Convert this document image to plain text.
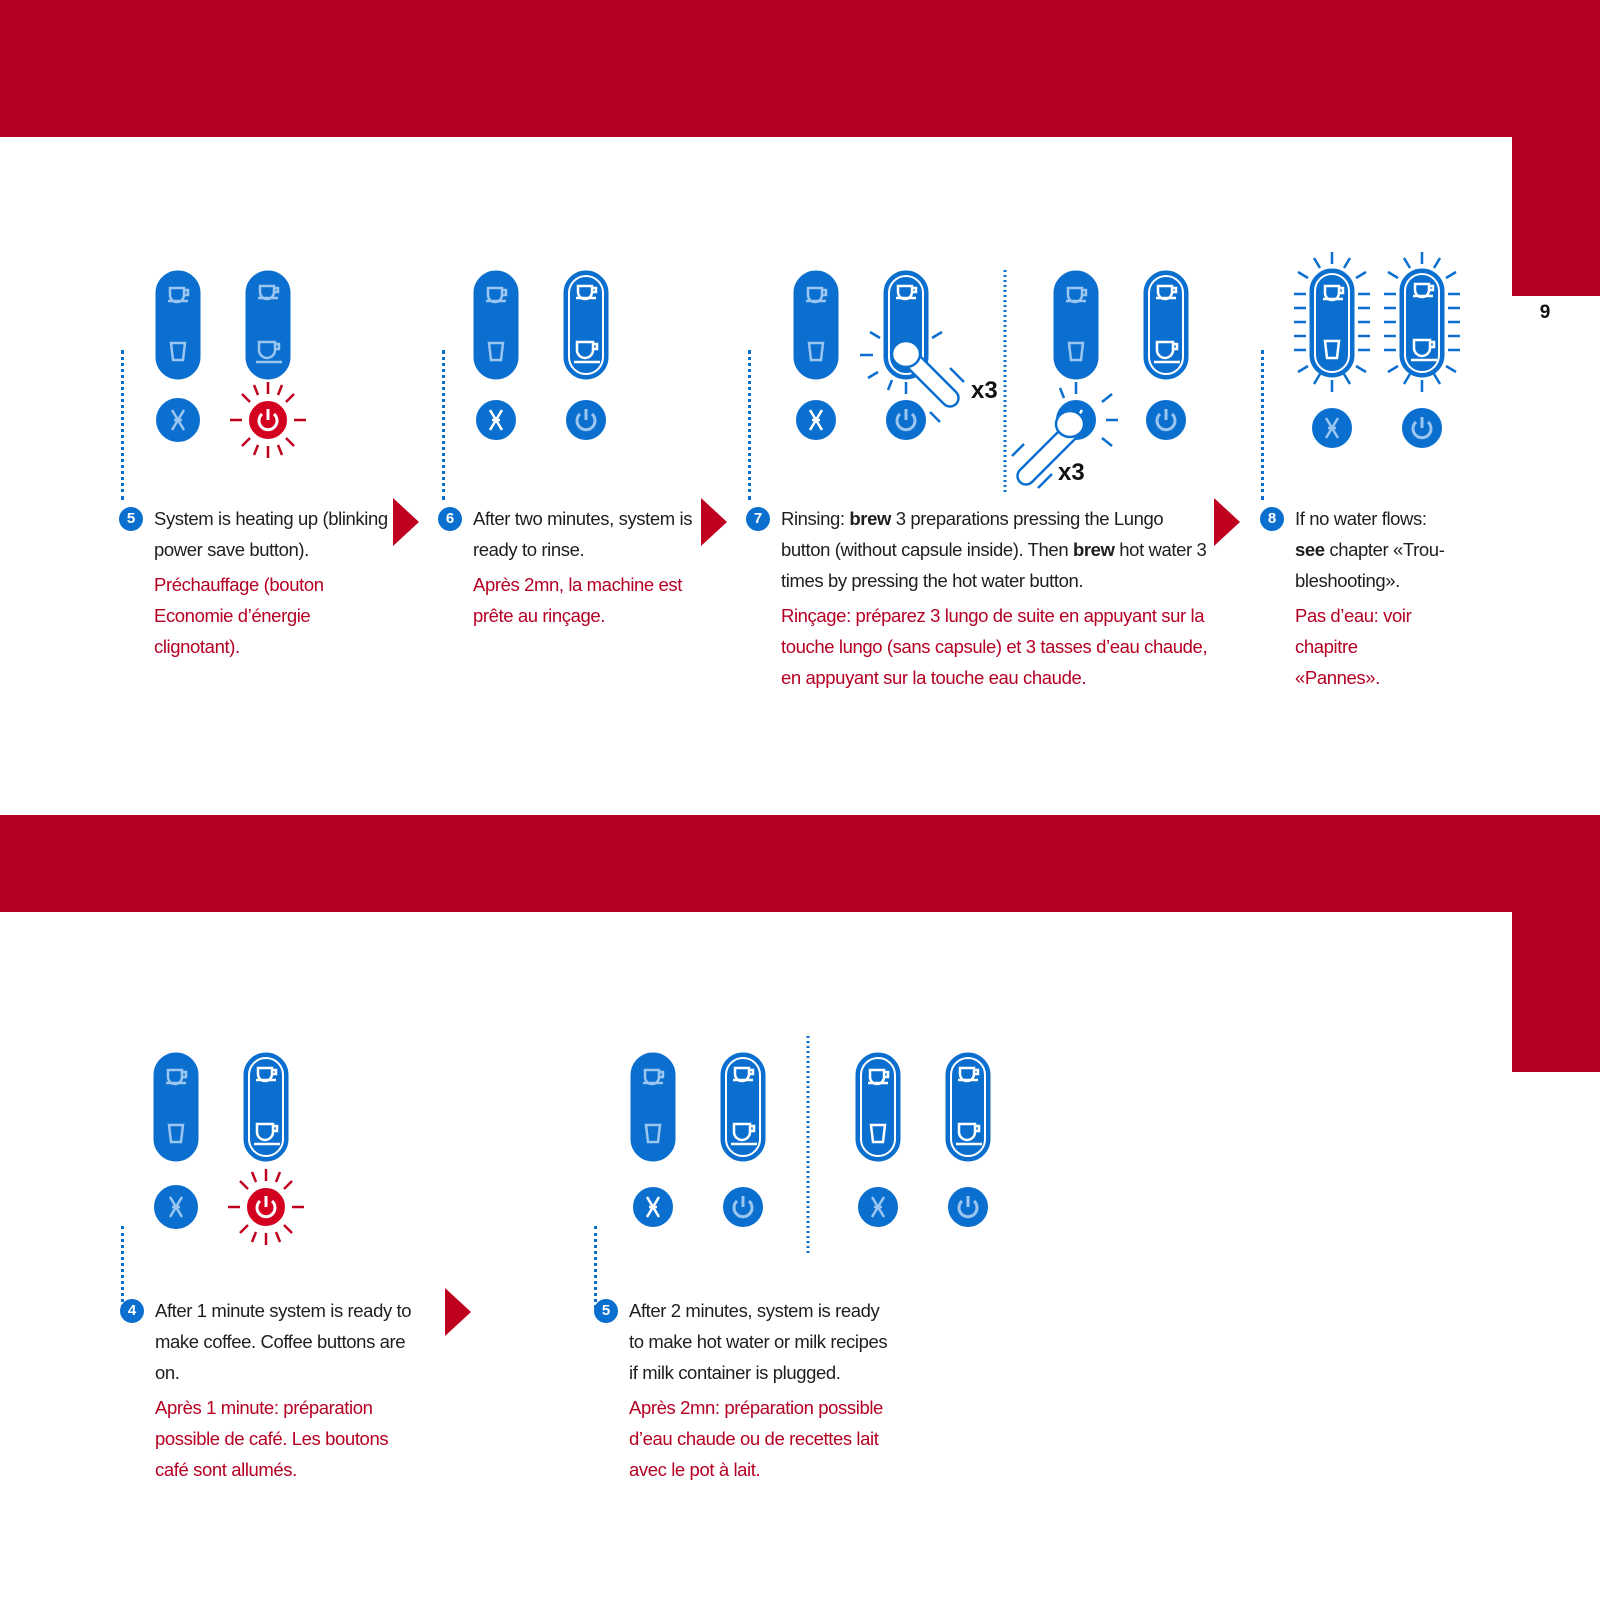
9
5	System is heating up (blinking power save button).

Préchauffage (bouton Economie d’énergie clignotant).

6	After two minutes, system is ready to rinse.

Après 2mn, la machine est prête au rinçage.

x3
x3
7	Rinsing: brew 3 preparations pressing the Lungo button (without capsule inside). Then brew hot water 3 times by pressing the hot water button.

Rinçage: préparez 3 lungo de suite en appuyant sur la touche lungo (sans capsule) et 3 tasses d’eau chaude, en appuyant sur la touche eau chaude.

8	If no water flows: see chapter «Trou-bleshooting».

Pas d’eau: voir chapitre «Pannes».

4	After 1 minute system is ready to make coffee. Coffee buttons are on.

Après 1 minute: préparation possible de café. Les boutons café sont allumés.

5	After 2 minutes, system is ready to make hot water or milk recipes if milk container is plugged.

Après 2mn: préparation possible d’eau chaude ou de recettes lait avec le pot à lait.
